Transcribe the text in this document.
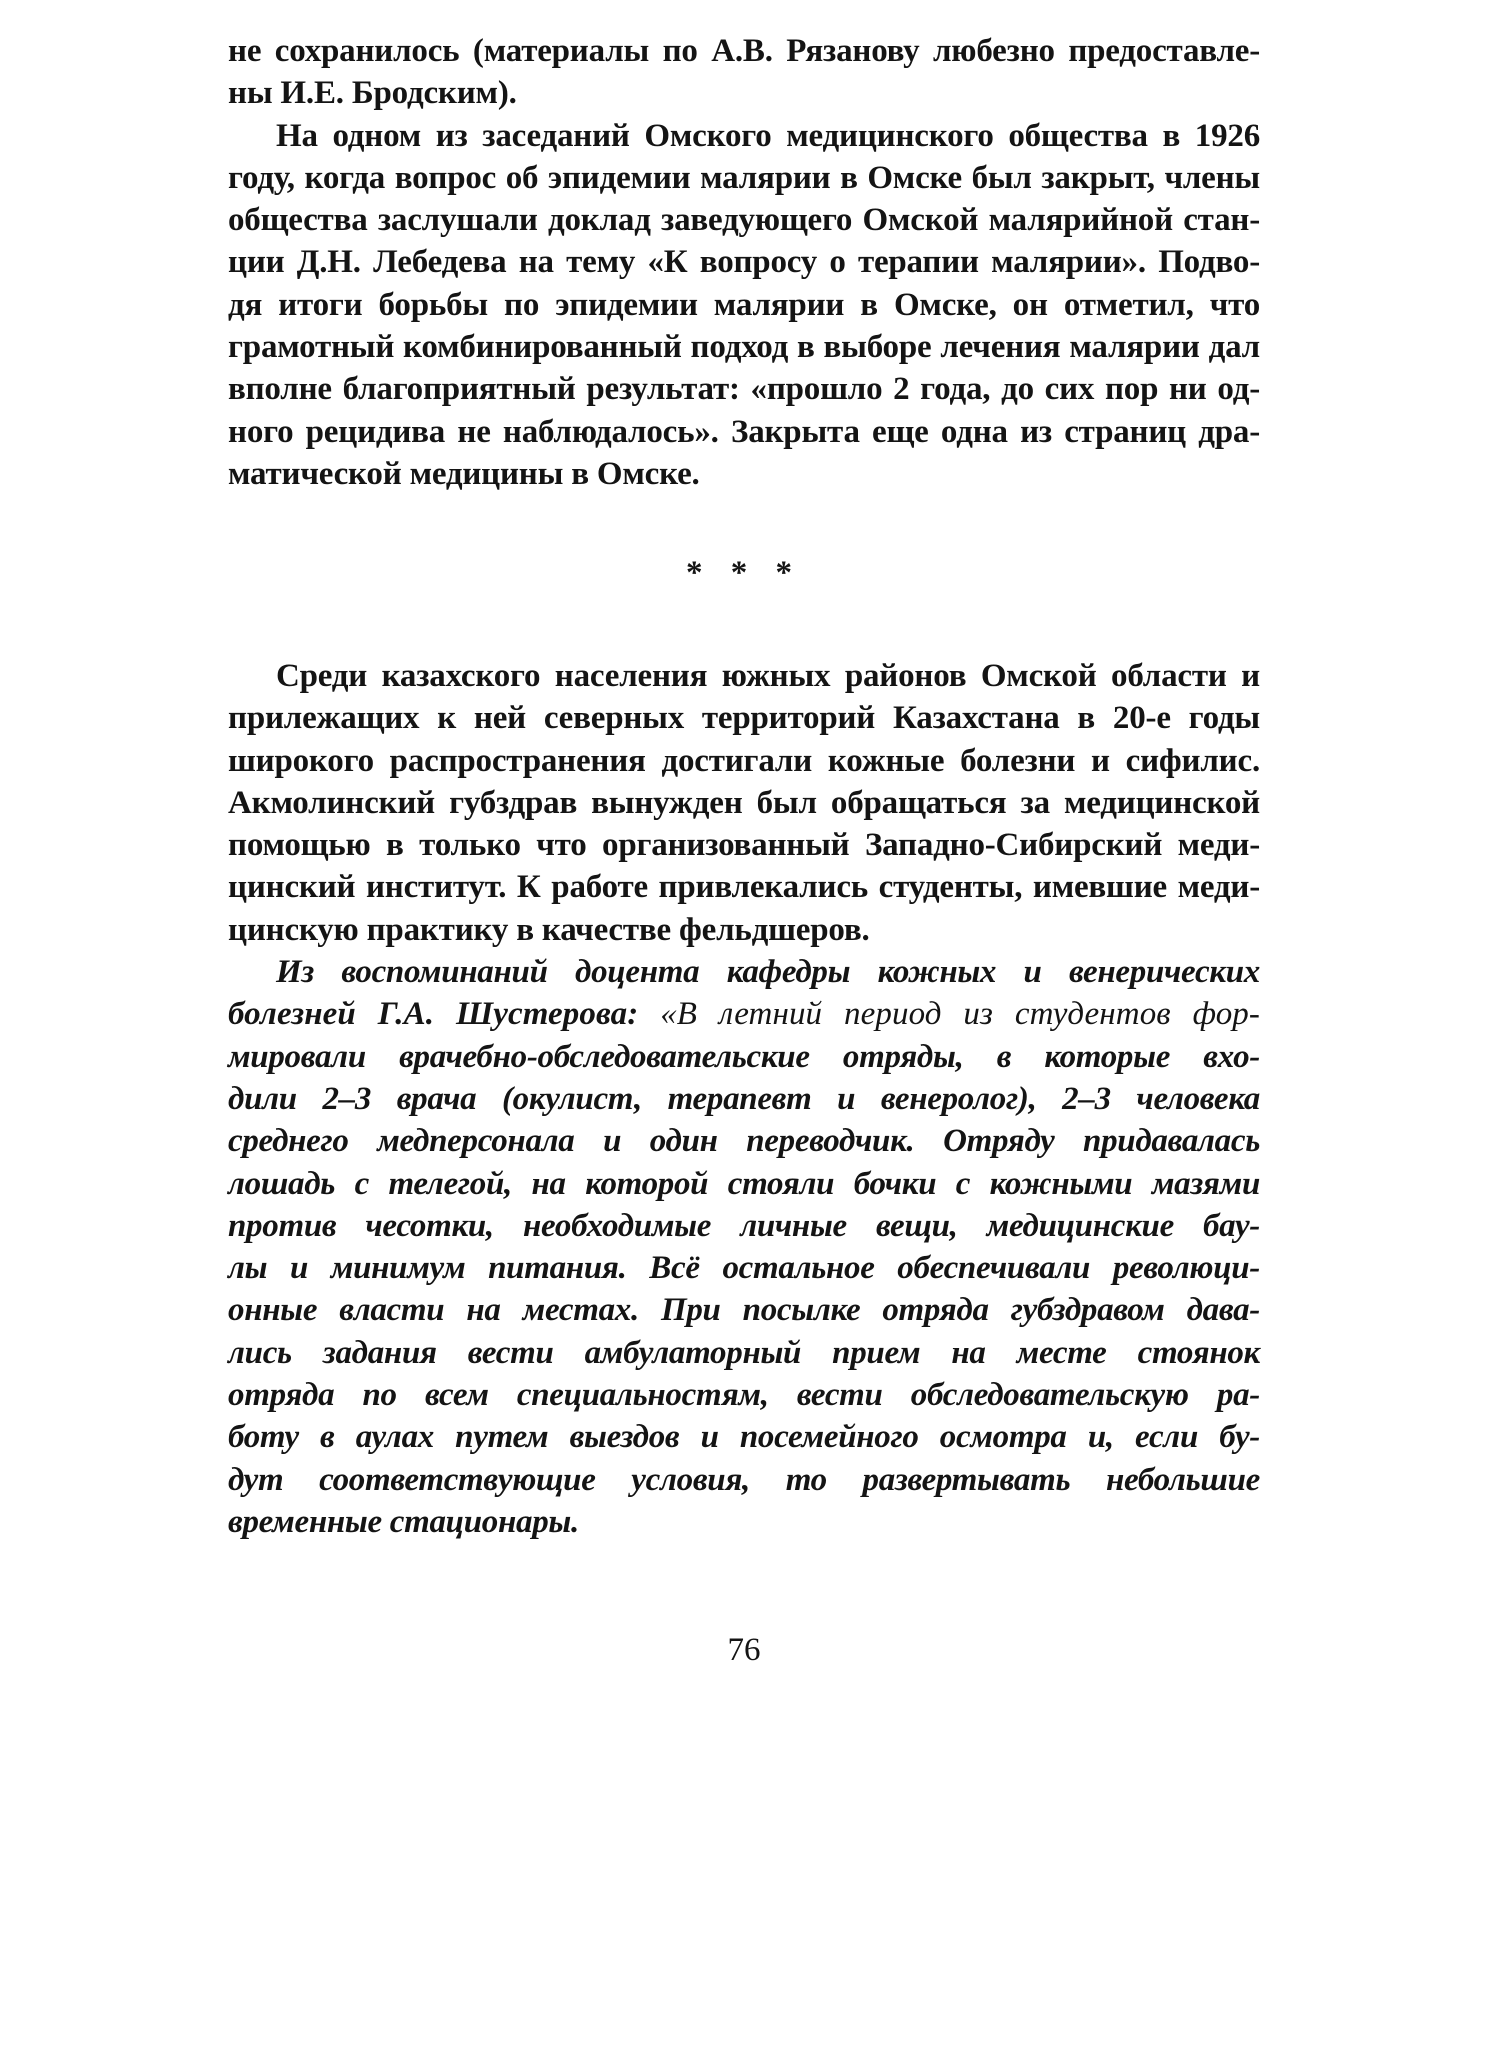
не сохранилось (материалы по А.В. Рязанову любезно предоставле-
ны И.Е. Бродским).
На одном из заседаний Омского медицинского общества в 1926
году, когда вопрос об эпидемии малярии в Омске был закрыт, члены
общества заслушали доклад заведующего Омской малярийной стан-
ции Д.Н. Лебедева на тему «К вопросу о терапии малярии». Подво-
дя итоги борьбы по эпидемии малярии в Омске, он отметил, что
грамотный комбинированный подход в выборе лечения малярии дал
вполне благоприятный результат: «прошло 2 года, до сих пор ни од-
ного рецидива не наблюдалось». Закрыта еще одна из страниц дра-
матической медицины в Омске.
* * *
Среди казахского населения южных районов Омской области и
прилежащих к ней северных территорий Казахстана в 20-е годы
широкого распространения достигали кожные болезни и сифилис.
Акмолинский губздрав вынужден был обращаться за медицинской
помощью в только что организованный Западно-Сибирский меди-
цинский институт. К работе привлекались студенты, имевшие меди-
цинскую практику в качестве фельдшеров.
Из воспоминаний доцента кафедры кожных и венерических
болезней Г.А. Шустерова: «В летний период из студентов фор-
мировали врачебно-обследовательские отряды, в которые вхо-
дили 2–3 врача (окулист, терапевт и венеролог), 2–3 человека
среднего медперсонала и один переводчик. Отряду придавалась
лошадь с телегой, на которой стояли бочки с кожными мазями
против чесотки, необходимые личные вещи, медицинские бау-
лы и минимум питания. Всё остальное обеспечивали революци-
онные власти на местах. При посылке отряда губздравом дава-
лись задания вести амбулаторный прием на месте стоянок
отряда по всем специальностям, вести обследовательскую ра-
боту в аулах путем выездов и посемейного осмотра и, если бу-
дут соответствующие условия, то развертывать небольшие
временные стационары.
76
